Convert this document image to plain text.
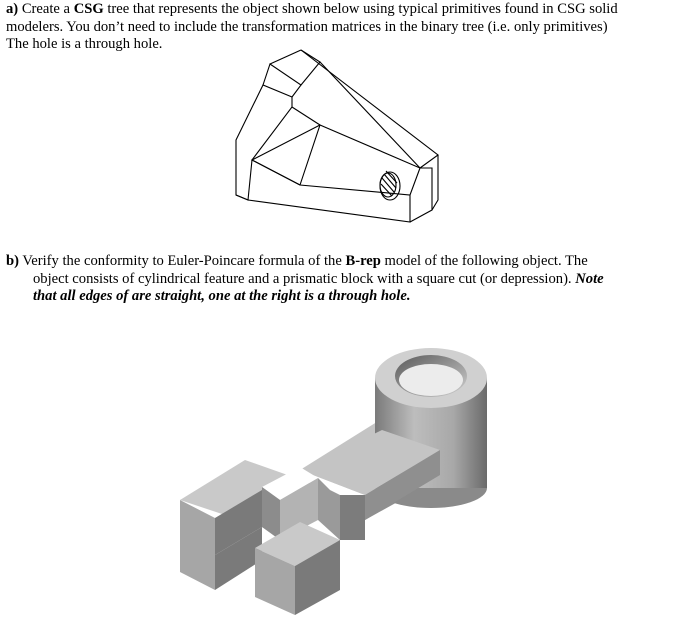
a) Create a CSG tree that represents the object shown below using typical primitives found in CSG solid
modelers. You don’t need to include the transformation matrices in the binary tree (i.e. only primitives)
The hole is a through hole.
b) Verify the conformity to Euler-Poincare formula of the B-rep model of the following object. The
object consists of cylindrical feature and a prismatic block with a square cut (or depression). Note
that all edges of are straight, one at the right is a through hole.
